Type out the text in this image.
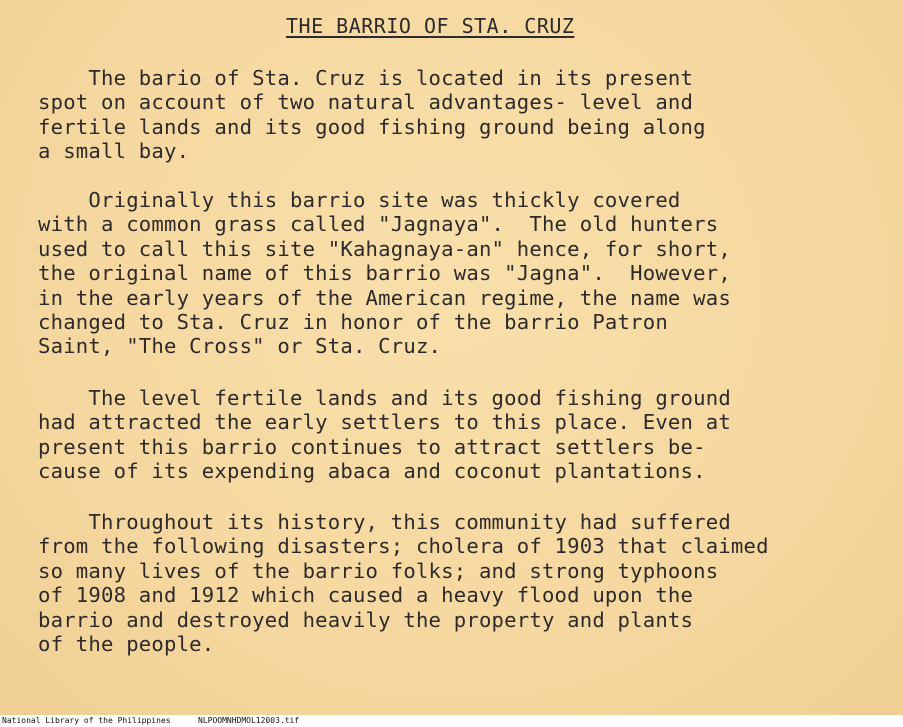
THE BARRIO OF STA. CRUZ
The bario of Sta. Cruz is located in its present
spot on account of two natural advantages- level and
fertile lands and its good fishing ground being along
a small bay.
Originally this barrio site was thickly covered
with a common grass called "Jagnaya".  The old hunters
used to call this site "Kahagnaya-an" hence, for short,
the original name of this barrio was "Jagna".  However,
in the early years of the American regime, the name was
changed to Sta. Cruz in honor of the barrio Patron
Saint, "The Cross" or Sta. Cruz.
The level fertile lands and its good fishing ground
had attracted the early settlers to this place. Even at
present this barrio continues to attract settlers be-
cause of its expending abaca and coconut plantations.
Throughout its history, this community had suffered
from the following disasters; cholera of 1903 that claimed
so many lives of the barrio folks; and strong typhoons
of 1908 and 1912 which caused a heavy flood upon the
barrio and destroyed heavily the property and plants
of the people.
National Library of the Philippines	NLPOOMNHDMOL12003.tif
